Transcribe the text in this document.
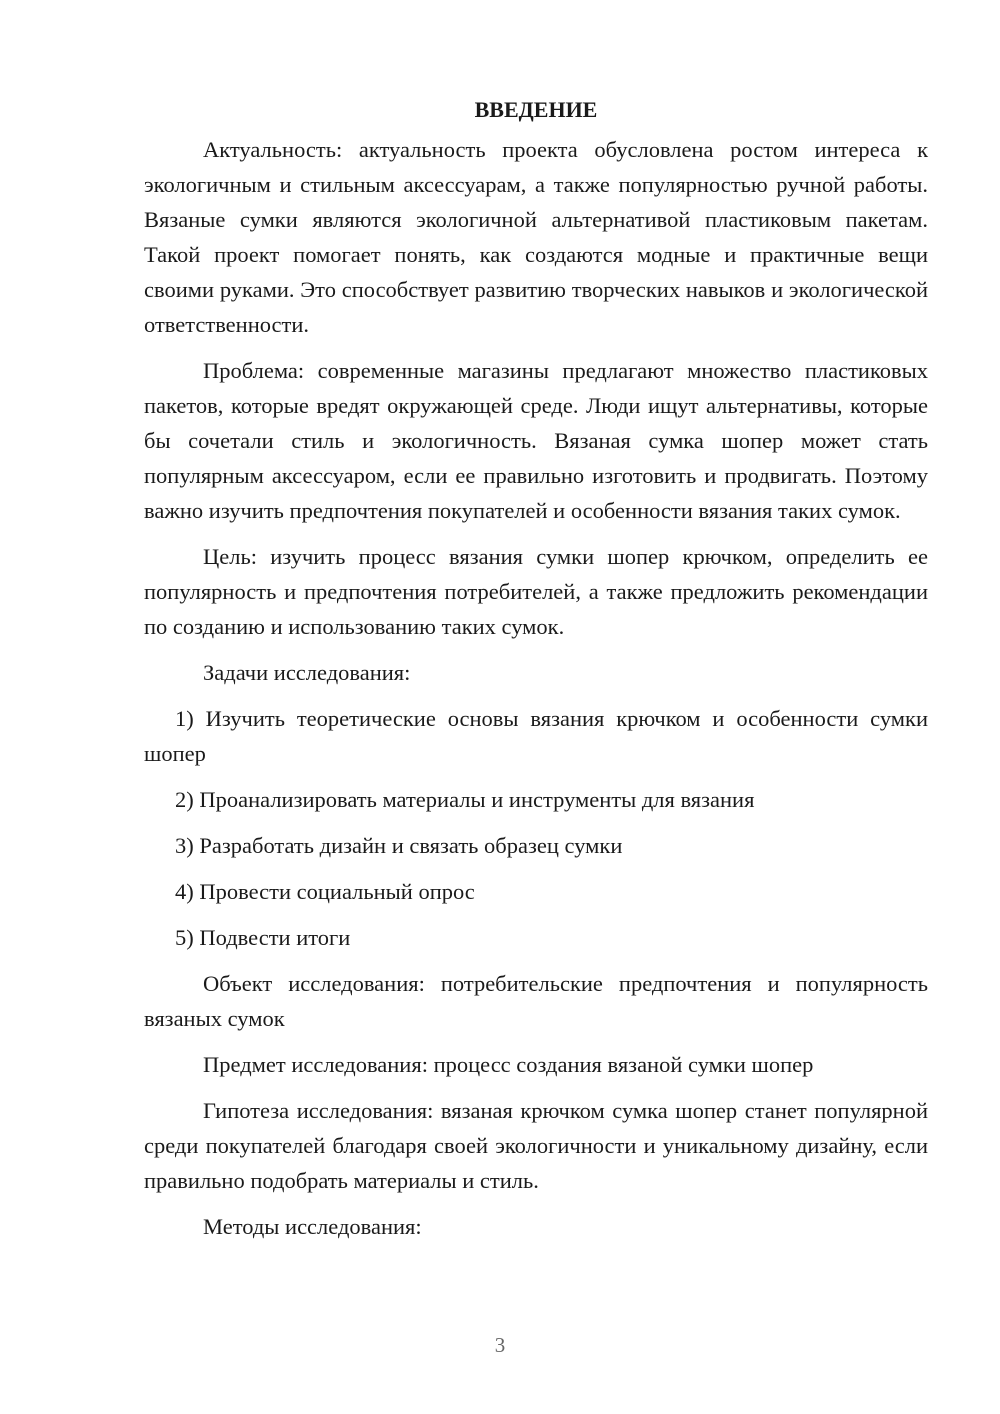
ВВЕДЕНИЕ

Актуальность: актуальность проекта обусловлена ростом интереса к экологичным и стильным аксессуарам, а также популярностью ручной работы. Вязаные сумки являются экологичной альтернативой пластиковым пакетам. Такой проект помогает понять, как создаются модные и практичные вещи своими руками. Это способствует развитию творческих навыков и экологической ответственности.

Проблема: современные магазины предлагают множество пластиковых пакетов, которые вредят окружающей среде. Люди ищут альтернативы, которые бы сочетали стиль и экологичность. Вязаная сумка шопер может стать популярным аксессуаром, если ее правильно изготовить и продвигать. Поэтому важно изучить предпочтения покупателей и особенности вязания таких сумок.

Цель: изучить процесс вязания сумки шопер крючком, определить ее популярность и предпочтения потребителей, а также предложить рекомендации по созданию и использованию таких сумок.

Задачи исследования:

1) Изучить теоретические основы вязания крючком и особенности сумки шопер

2) Проанализировать материалы и инструменты для вязания

3) Разработать дизайн и связать образец сумки

4) Провести социальный опрос

5) Подвести итоги

Объект исследования: потребительские предпочтения и популярность вязаных сумок

Предмет исследования: процесс создания вязаной сумки шопер

Гипотеза исследования: вязаная крючком сумка шопер станет популярной среди покупателей благодаря своей экологичности и уникальному дизайну, если правильно подобрать материалы и стиль.

Методы исследования:

3
